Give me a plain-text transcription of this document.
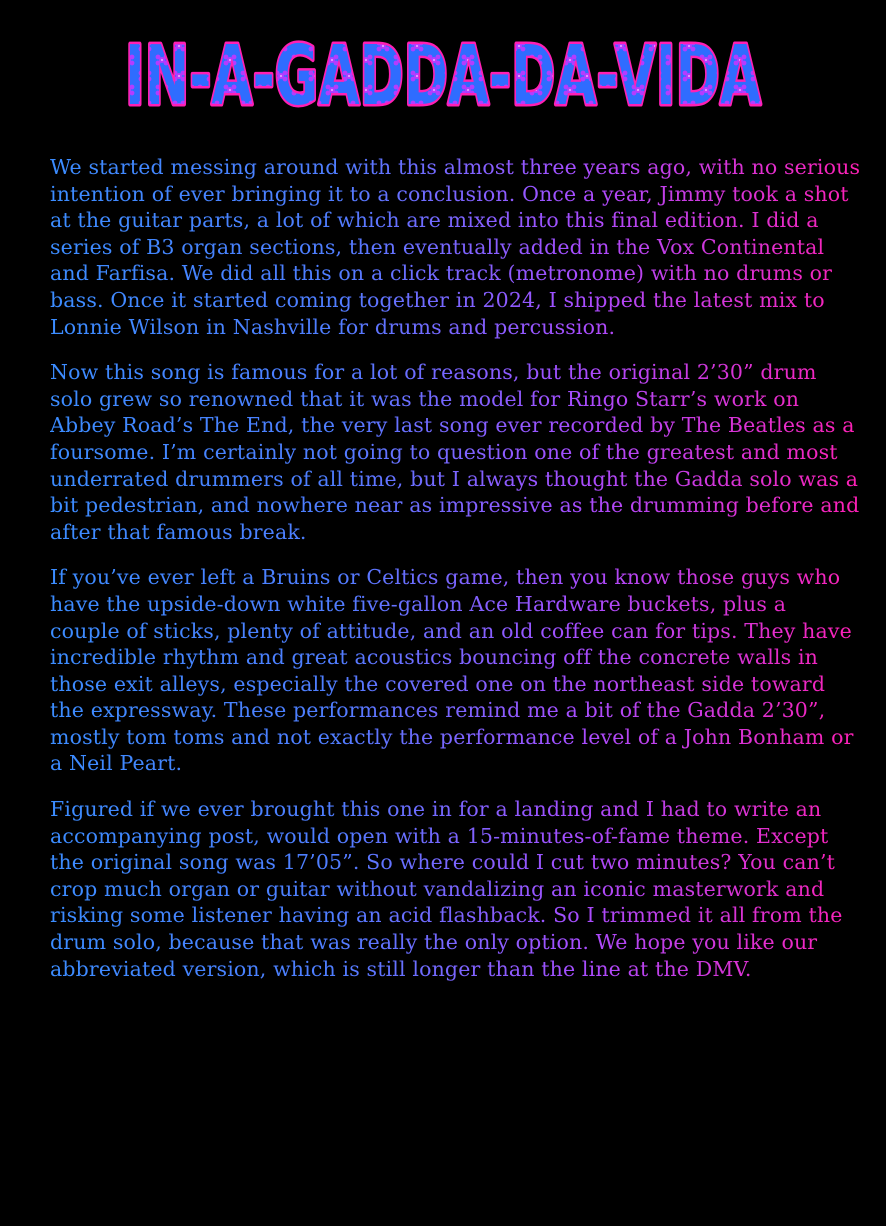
IN-A-GADDA-DA-VIDA

We started messing around with this almost three years ago, with no serious intention of ever bringing it to a conclusion. Once a year, Jimmy took a shot at the guitar parts, a lot of which are mixed into this final edition. I did a series of B3 organ sections, then eventually added in the Vox Continental and Farfisa. We did all this on a click track (metronome) with no drums or bass. Once it started coming together in 2024, I shipped the latest mix to Lonnie Wilson in Nashville for drums and percussion.

Now this song is famous for a lot of reasons, but the original 2’30” drum solo grew so renowned that it was the model for Ringo Starr’s work on Abbey Road’s The End, the very last song ever recorded by The Beatles as a foursome. I’m certainly not going to question one of the greatest and most underrated drummers of all time, but I always thought the Gadda solo was a bit pedestrian, and nowhere near as impressive as the drumming before and after that famous break.

If you’ve ever left a Bruins or Celtics game, then you know those guys who have the upside-down white five-gallon Ace Hardware buckets, plus a couple of sticks, plenty of attitude, and an old coffee can for tips. They have incredible rhythm and great acoustics bouncing off the concrete walls in those exit alleys, especially the covered one on the northeast side toward the expressway. These performances remind me a bit of the Gadda 2’30”, mostly tom toms and not exactly the performance level of a John Bonham or a Neil Peart.

Figured if we ever brought this one in for a landing and I had to write an accompanying post, would open with a 15-minutes-of-fame theme. Except the original song was 17’05”. So where could I cut two minutes? You can’t crop much organ or guitar without vandalizing an iconic masterwork and risking some listener having an acid flashback. So I trimmed it all from the drum solo, because that was really the only option. We hope you like our abbreviated version, which is still longer than the line at the DMV.
